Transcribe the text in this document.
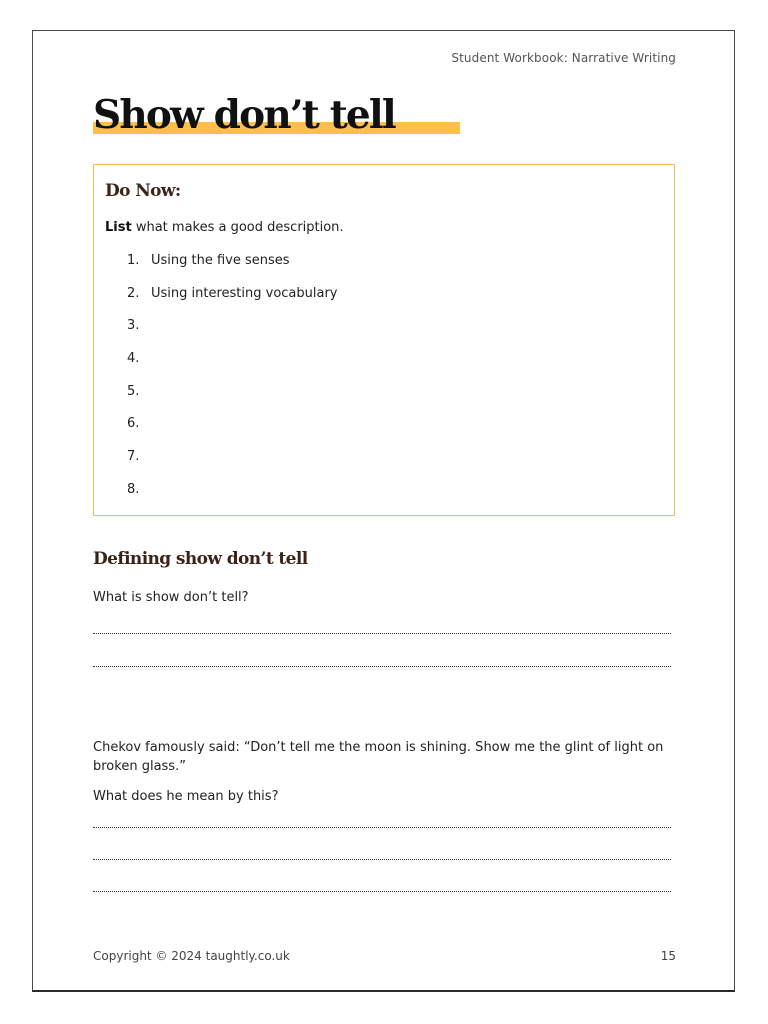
Student Workbook: Narrative Writing
Show don’t tell
Do Now:

List what makes a good description.

1. Using the five senses
2. Using interesting vocabulary
3.
4.
5.
6.
7.
8.
Defining show don’t tell

What is show don’t tell?

Chekov famously said: “Don’t tell me the moon is shining. Show me the glint of light on broken glass.”

What does he mean by this?

Copyright © 2024 taughtly.co.uk	15
